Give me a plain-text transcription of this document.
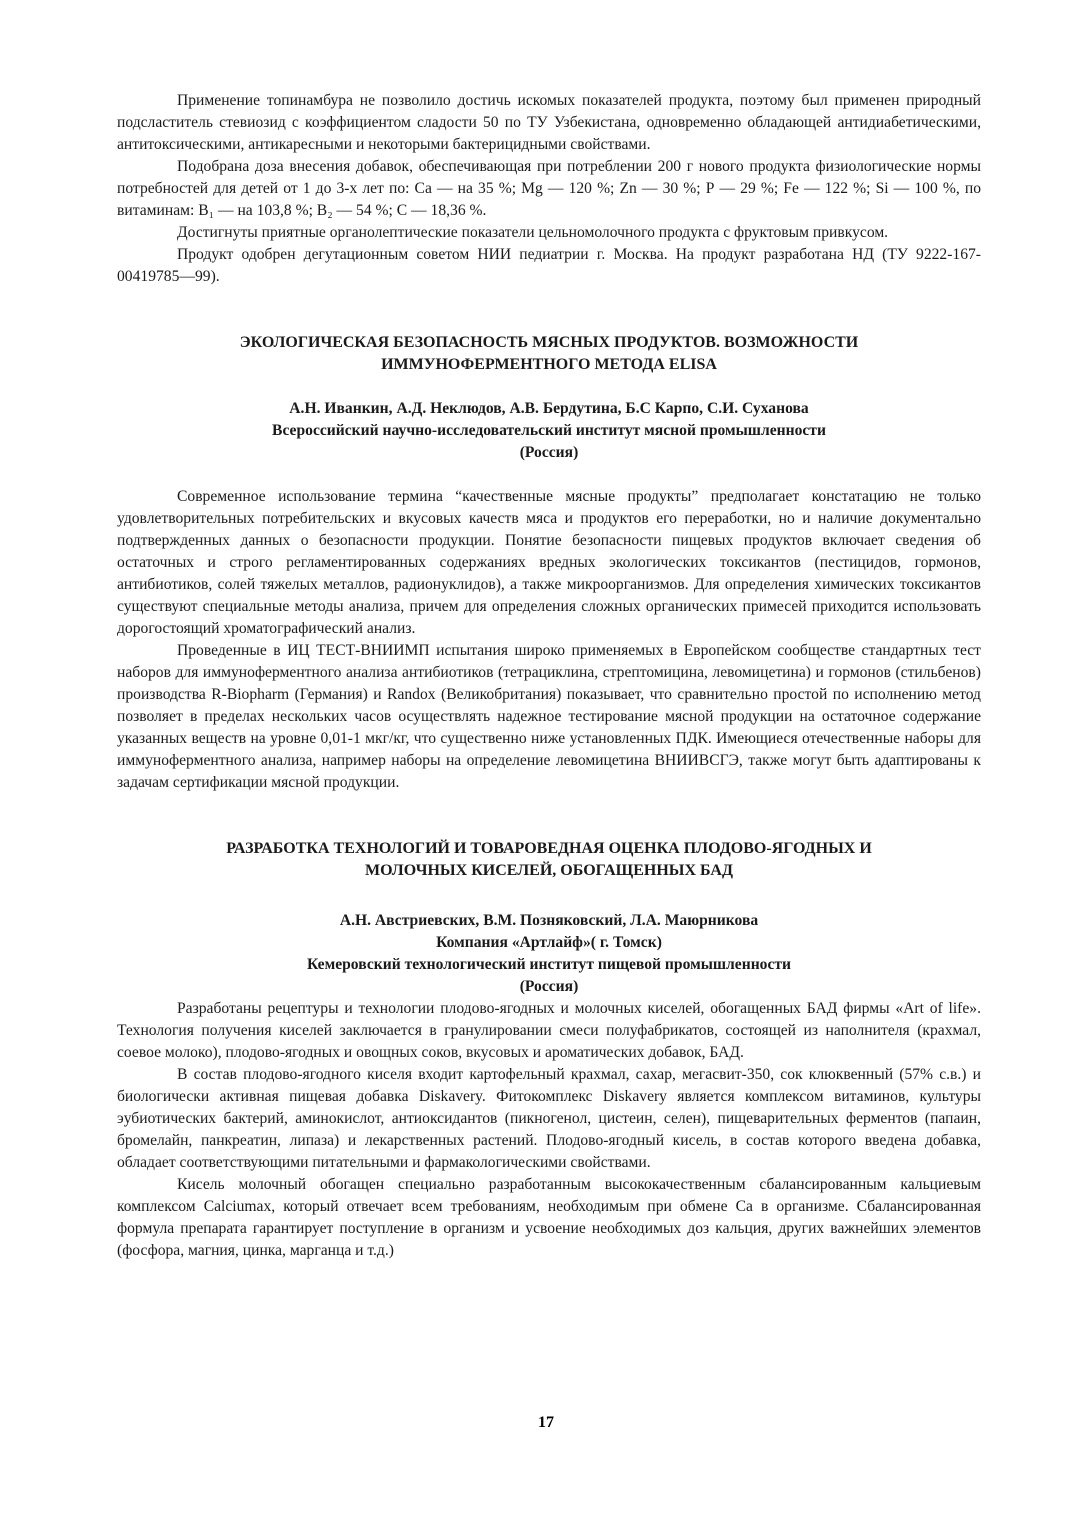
Применение топинамбура не позволило достичь искомых показателей продукта, поэтому был применен природный подсластитель стевиозид с коэффициентом сладости 50 по ТУ Узбекистана, одновременно обладающей антидиабетическими, антитоксическими, антикаресными и некоторыми бактерицидными свойствами.

Подобрана доза внесения добавок, обеспечивающая при потреблении 200 г нового продукта физиологические нормы потребностей для детей от 1 до 3-х лет по: Са — на 35 %; Mg — 120 %; Zn — 30 %; Р — 29 %; Fe — 122 %; Si — 100 %, по витаминам: B₁ — на 103,8 %; B₂ — 54 %; С — 18,36 %.

Достигнуты приятные органолептические показатели цельномолочного продукта с фруктовым привкусом.

Продукт одобрен дегутационным советом НИИ педиатрии г. Москва. На продукт разработана НД (ТУ 9222-167-00419785—99).

ЭКОЛОГИЧЕСКАЯ БЕЗОПАСНОСТЬ МЯСНЫХ ПРОДУКТОВ. ВОЗМОЖНОСТИ
ИММУНОФЕРМЕНТНОГО МЕТОДА ELISA
А.Н. Иванкин, А.Д. Неклюдов, А.В. Бердутина, Б.С Карпо, С.И. Суханова
Всероссийский научно-исследовательский институт мясной промышленности
(Россия)

Современное использование термина “качественные мясные продукты” предполагает констатацию не только удовлетворительных потребительских и вкусовых качеств мяса и продуктов его переработки, но и наличие документально подтвержденных данных о безопасности продукции. Понятие безопасности пищевых продуктов включает сведения об остаточных и строго регламентированных содержаниях вредных экологических токсикантов (пестицидов, гормонов, антибиотиков, солей тяжелых металлов, радионуклидов), а также микроорганизмов. Для определения химических токсикантов существуют специальные методы анализа, причем для определения сложных органических примесей приходится использовать дорогостоящий хроматографический анализ.

Проведенные в ИЦ ТЕСТ-ВНИИМП испытания широко применяемых в Европейском сообществе стандартных тест наборов для иммуноферментного анализа антибиотиков (тетрациклина, стрептомицина, левомицетина) и гормонов (стильбенов) производства R-Biopharm (Германия) и Randox (Великобритания) показывает, что сравнительно простой по исполнению метод позволяет в пределах нескольких часов осуществлять надежное тестирование мясной продукции на остаточное содержание указанных веществ на уровне 0,01-1 мкг/кг, что существенно ниже установленных ПДК. Имеющиеся отечественные наборы для иммуноферментного анализа, например наборы на определение левомицетина ВНИИВСГЭ, также могут быть адаптированы к задачам сертификации мясной продукции.

РАЗРАБОТКА ТЕХНОЛОГИЙ И ТОВАРОВЕДНАЯ ОЦЕНКА ПЛОДОВО-ЯГОДНЫХ И
МОЛОЧНЫХ КИСЕЛЕЙ, ОБОГАЩЕННЫХ БАД
А.Н. Австриевских, В.М. Позняковский, Л.А. Маюрникова
Компания «Артлайф»( г. Томск)
Кемеровский технологический институт пищевой промышленности
(Россия)

Разработаны рецептуры и технологии плодово-ягодных и молочных киселей, обогащенных БАД фирмы «Art of life». Технология получения киселей заключается в гранулировании смеси полуфабрикатов, состоящей из наполнителя (крахмал, соевое молоко), плодово-ягодных и овощных соков, вкусовых и ароматических добавок, БАД.

В состав плодово-ягодного киселя входит картофельный крахмал, сахар, мегасвит-350, сок клюквенный (57% с.в.) и биологически активная пищевая добавка Diskavery. Фитокомплекс Diskavery является комплексом витаминов, культуры эубиотических бактерий, аминокислот, антиоксидантов (пикногенол, цистеин, селен), пищеварительных ферментов (папаин, бромелайн, панкреатин, липаза) и лекарственных растений. Плодово-ягодный кисель, в состав которого введена добавка, обладает соответствующими питательными и фармакологическими свойствами.

Кисель молочный обогащен специально разработанным высококачественным сбалансированным кальциевым комплексом Calciumax, который отвечает всем требованиям, необходимым при обмене Са в организме. Сбалансированная формула препарата гарантирует поступление в организм и усвоение необходимых доз кальция, других важнейших элементов (фосфора, магния, цинка, марганца и т.д.)

17
